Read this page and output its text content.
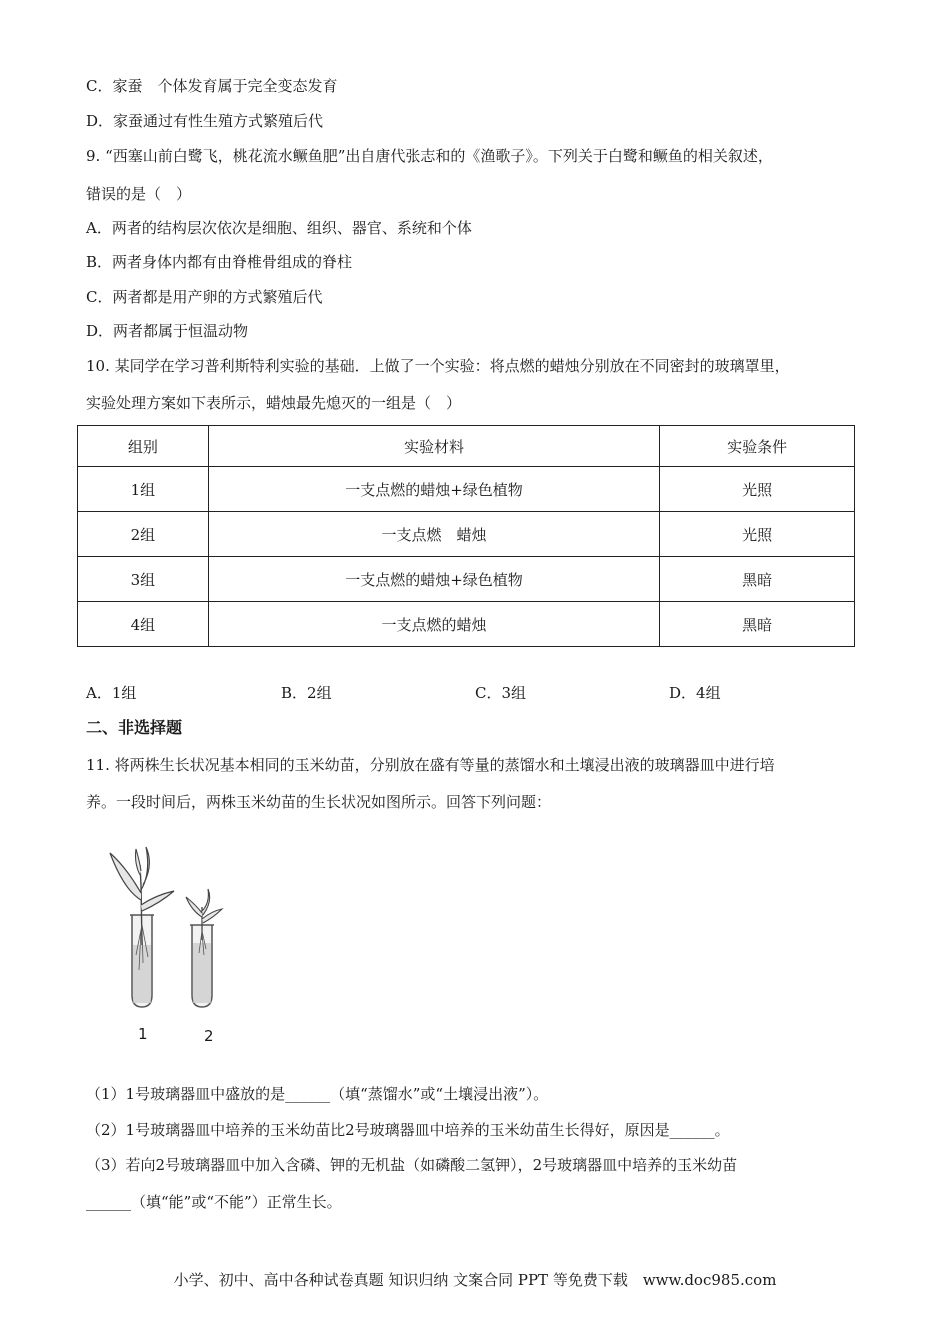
C．家蚕　个体发育属于完全变态发育
D．家蚕通过有性生殖方式繁殖后代
9. “西塞山前白鹭飞，桃花流水鳜鱼肥”出自唐代张志和的《渔歌子》。下列关于白鹭和鳜鱼的相关叙述，
错误的是（　）
A．两者的结构层次依次是细胞、组织、器官、系统和个体
B．两者身体内都有由脊椎骨组成的脊柱
C．两者都是用产卵的方式繁殖后代
D．两者都属于恒温动物
10. 某同学在学习普利斯特利实验的基础．上做了一个实验：将点燃的蜡烛分别放在不同密封的玻璃罩里，
实验处理方案如下表所示，蜡烛最先熄灭的一组是（　）
组别	实验材料	实验条件
1组	一支点燃的蜡烛+绿色植物	光照
2组	一支点燃　蜡烛	光照
3组	一支点燃的蜡烛+绿色植物	黑暗
4组	一支点燃的蜡烛	黑暗
A．1组	B．2组	C．3组	D．4组
二、非选择题
11. 将两株生长状况基本相同的玉米幼苗，分别放在盛有等量的蒸馏水和土壤浸出液的玻璃器皿中进行培
养。一段时间后，两株玉米幼苗的生长状况如图所示。回答下列问题：
1	2
（1）1号玻璃器皿中盛放的是______（填“蒸馏水”或“土壤浸出液”）。
（2）1号玻璃器皿中培养的玉米幼苗比2号玻璃器皿中培养的玉米幼苗生长得好，原因是______。
（3）若向2号玻璃器皿中加入含磷、钾的无机盐（如磷酸二氢钾），2号玻璃器皿中培养的玉米幼苗
______（填“能”或“不能”）正常生长。
小学、初中、高中各种试卷真题 知识归纳 文案合同 PPT 等免费下载　www.doc985.com
